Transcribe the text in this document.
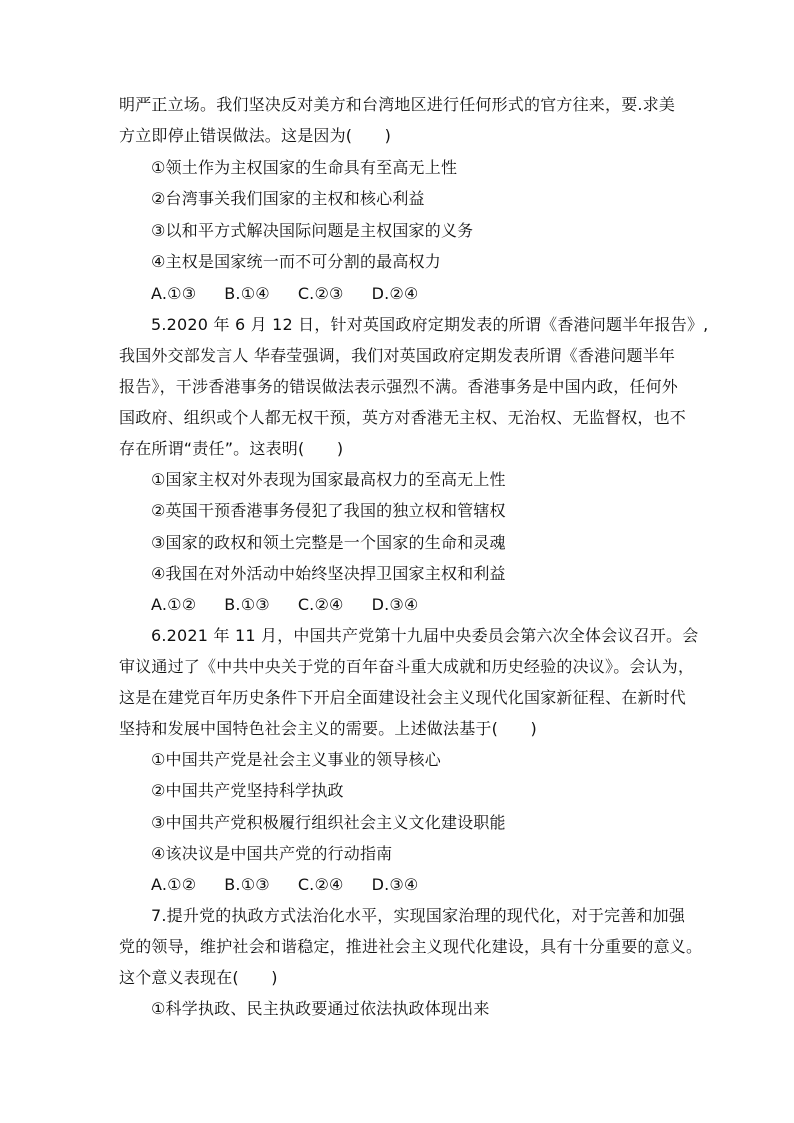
明严正立场。我们坚决反对美方和台湾地区进行任何形式的官方往来，要.求美
方立即停止错误做法。这是因为(　　)
①领土作为主权国家的生命具有至高无上性
②台湾事关我们国家的主权和核心利益
③以和平方式解决国际问题是主权国家的义务
④主权是国家统一而不可分割的最高权力
A.①③ B.①④ C.②③ D.②④
5.2020 年 6 月 12 日，针对英国政府定期发表的所谓《香港问题半年报告》,
我国外交部发言人 华春莹强调，我们对英国政府定期发表所谓《香港问题半年
报告》，干涉香港事务的错误做法表示强烈不满。香港事务是中国内政，任何外
国政府、组织或个人都无权干预，英方对香港无主权、无治权、无监督权，也不
存在所谓“责任”。这表明(　　)
①国家主权对外表现为国家最高权力的至高无上性
②英国干预香港事务侵犯了我国的独立权和管辖权
③国家的政权和领土完整是一个国家的生命和灵魂
④我国在对外活动中始终坚决捍卫国家主权和利益
A.①② B.①③ C.②④ D.③④
6.2021 年 11 月，中国共产党第十九届中央委员会第六次全体会议召开。会
审议通过了《中共中央关于党的百年奋斗重大成就和历史经验的决议》。会认为，
这是在建党百年历史条件下开启全面建设社会主义现代化国家新征程、在新时代
坚持和发展中国特色社会主义的需要。上述做法基于(　　)
①中国共产党是社会主义事业的领导核心
②中国共产党坚持科学执政
③中国共产党积极履行组织社会主义文化建设职能
④该决议是中国共产党的行动指南
A.①② B.①③ C.②④ D.③④
7.提升党的执政方式法治化水平，实现国家治理的现代化，对于完善和加强
党的领导，维护社会和谐稳定，推进社会主义现代化建设，具有十分重要的意义。
这个意义表现在(　　)
①科学执政、民主执政要通过依法执政体现出来
